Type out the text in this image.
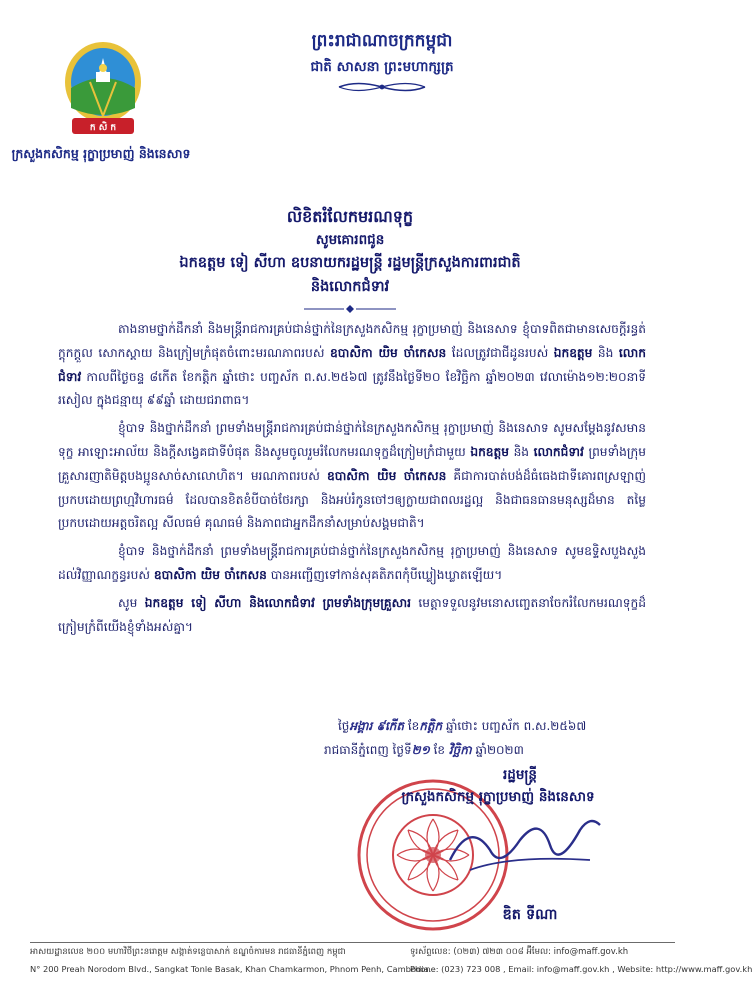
ក សិ ក
ក្រសួងកសិកម្ម រុក្ខាប្រមាញ់ និងនេសាទ
ព្រះរាជាណាចក្រកម្ពុជា
ជាតិ សាសនា ព្រះមហាក្សត្រ
លិខិតរំលែកមរណទុក្ខ
សូមគោរពជូន
ឯកឧត្តម ទៀ សីហា ឧបនាយករដ្ឋមន្ត្រី រដ្ឋមន្ត្រីក្រសួងការពារជាតិ
និងលោកជំទាវ

តាងនាមថ្នាក់ដឹកនាំ និងមន្ត្រីរាជការគ្រប់ជាន់ថ្នាក់នៃក្រសួងកសិកម្ម រុក្ខាប្រមាញ់ និងនេសាទ ខ្ញុំបាទពិតជាមានសេចក្តីរន្ធត់ ក្តុកក្តួល សោកស្តាយ និងក្រៀមក្រំផុតចំពោះមរណភាពរបស់ ឧបាសិកា យិម ចាំកេសន ដែលត្រូវជាជីដូនរបស់ ឯកឧត្តម និង លោកជំទាវ កាលពីថ្ងៃចន្ទ ៨កើត ខែកត្តិក ឆ្នាំថោះ បញ្ចស័ក ព.ស.២៥៦៧ ត្រូវនឹងថ្ងៃទី២០ ខែវិច្ឆិកា ឆ្នាំ២០២៣ វេលាម៉ោង១២:២០នាទីរសៀល ក្នុងជន្មាយុ ៩៩ឆ្នាំ ដោយជរាពាធ។

ខ្ញុំបាទ និងថ្នាក់ដឹកនាំ ព្រមទាំងមន្ត្រីរាជការគ្រប់ជាន់ថ្នាក់នៃក្រសួងកសិកម្ម រុក្ខាប្រមាញ់ និងនេសាទ សូមសម្តែងនូវសមានទុក្ខ អាឡោះអាល័យ និងក្តីសង្វេគជាទីបំផុត និងសូមចូលរួមរំលែកមរណទុក្ខដ៏ក្រៀមក្រំជាមួយ ឯកឧត្តម និង លោកជំទាវ ព្រមទាំងក្រុមគ្រួសារញាតិមិត្តបងប្អូនសាច់សាលោហិត។ មរណភាពរបស់ ឧបាសិកា យិម ចាំកេសន គឺជាការបាត់បង់ដ៏ធំធេងជាទីគោរពស្រឡាញ់ប្រកបដោយព្រហ្មវិហារធម៌ ដែលបានខិតខំបីបាច់ថែរក្សា និងអប់រំកូនចៅៗឲ្យក្លាយជាពលរដ្ឋល្អ និងជាធនធានមនុស្សដ៏មាន តម្លៃប្រកបដោយអត្តចរិតល្អ សីលធម៌ គុណធម៌ និងភាពជាអ្នកដឹកនាំសម្រាប់សង្គមជាតិ។

ខ្ញុំបាទ និងថ្នាក់ដឹកនាំ ព្រមទាំងមន្ត្រីរាជការគ្រប់ជាន់ថ្នាក់នៃក្រសួងកសិកម្ម រុក្ខាប្រមាញ់ និងនេសាទ សូមឧទ្ទិសបួងសួងដល់វិញ្ញាណក្ខន្ធរបស់ ឧបាសិកា យិម ចាំកេសន បានអញ្ជើញទៅកាន់សុគតិភពកុំបីឃ្លៀងឃ្លាតឡើយ។

សូម ឯកឧត្តម ទៀ សីហា និងលោកជំទាវ ព្រមទាំងក្រុមគ្រួសារ មេត្តាទទួលនូវមនោសញ្ចេតនាចែករំលែកមរណទុក្ខដ៏ក្រៀមក្រំពីយើងខ្ញុំទាំងអស់គ្នា។

ថ្ងៃអង្គារ ៩កើត ខែកត្តិក ឆ្នាំថោះ បញ្ចស័ក ព.ស.២៥៦៧
រាជធានីភ្នំពេញ ថ្ងៃទី២១ ខែ វិច្ឆិកា ឆ្នាំ២០២៣
រដ្ឋមន្ត្រី
ក្រសួងកសិកម្ម រុក្ខាប្រមាញ់ និងនេសាទ
ឌិត ទីណា
អាសយដ្ឋានលេខ ២០០ មហាវិថីព្រះនរោត្តម សង្កាត់ទន្លេបាសាក់ ខណ្ឌចំការមន រាជធានីភ្នំពេញ កម្ពុជា	ទូរស័ព្ទលេខ: (០២៣) ៧២៣ ០០៨ អ៊ីមែល: info@maff.gov.kh
N° 200 Preah Norodom Blvd., Sangkat Tonle Basak, Khan Chamkarmon, Phnom Penh, Cambodia.
Phone: (023) 723 008 , Email: info@maff.gov.kh , Website: http://www.maff.gov.kh
